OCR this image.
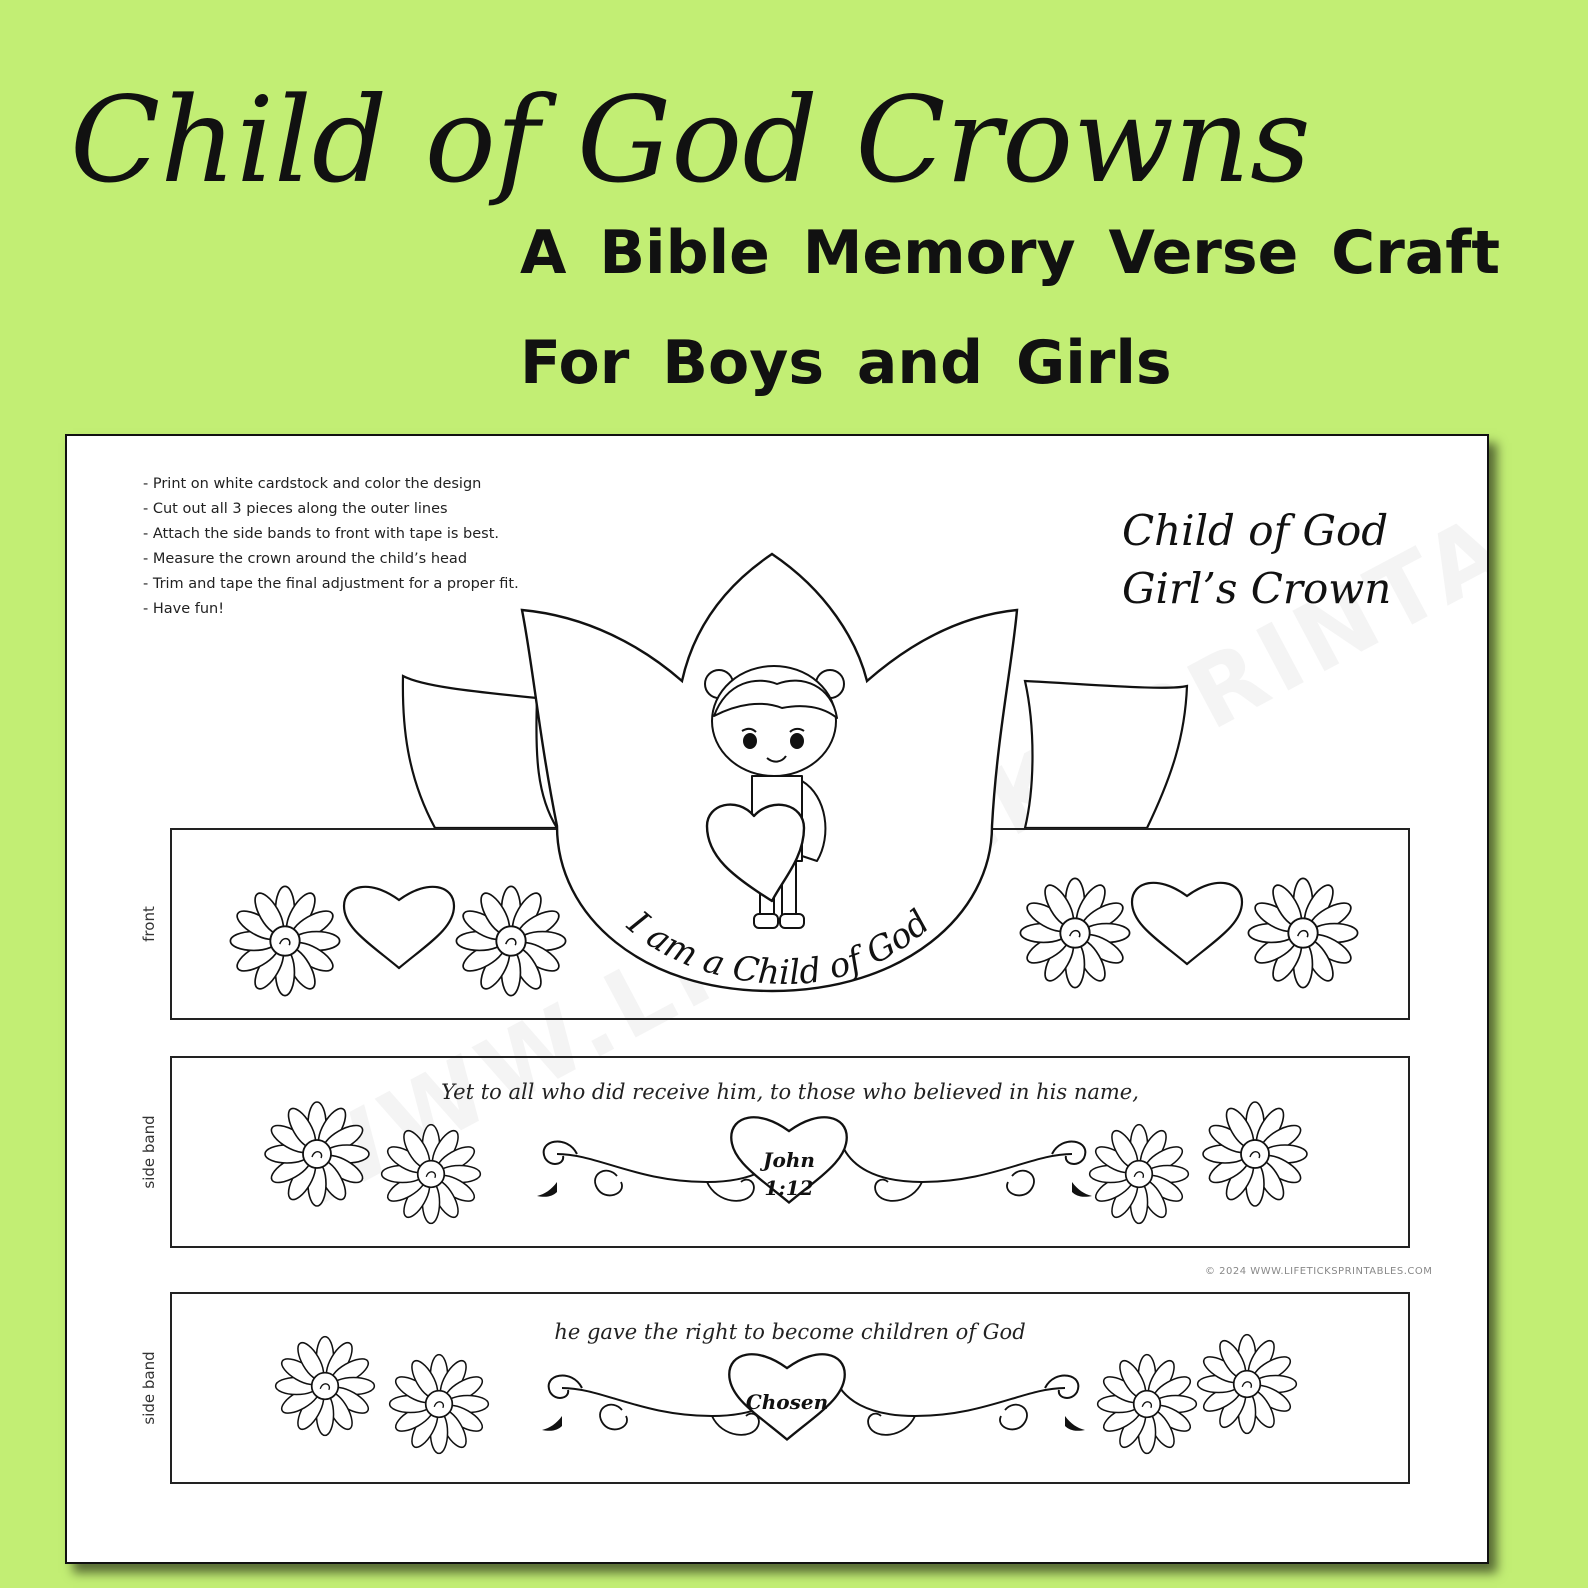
Child of God Crowns
A Bible Memory Verse Craft
For Boys and Girls
- Print on white cardstock and color the design
- Cut out all 3 pieces along the outer lines
- Attach the side bands to front with tape is best.
- Measure the crown around the child’s head
- Trim and tape the final adjustment for a proper fit.
- Have fun!
Child of God
Girl’s Crown
front	I am a Child of God
Yet to all who did receive him, to those who believed in his name,
side band	John
1:12
© 2024 WWW.LIFETICKSPRINTABLES.COM
he gave the right to become children of God
side band	Chosen
